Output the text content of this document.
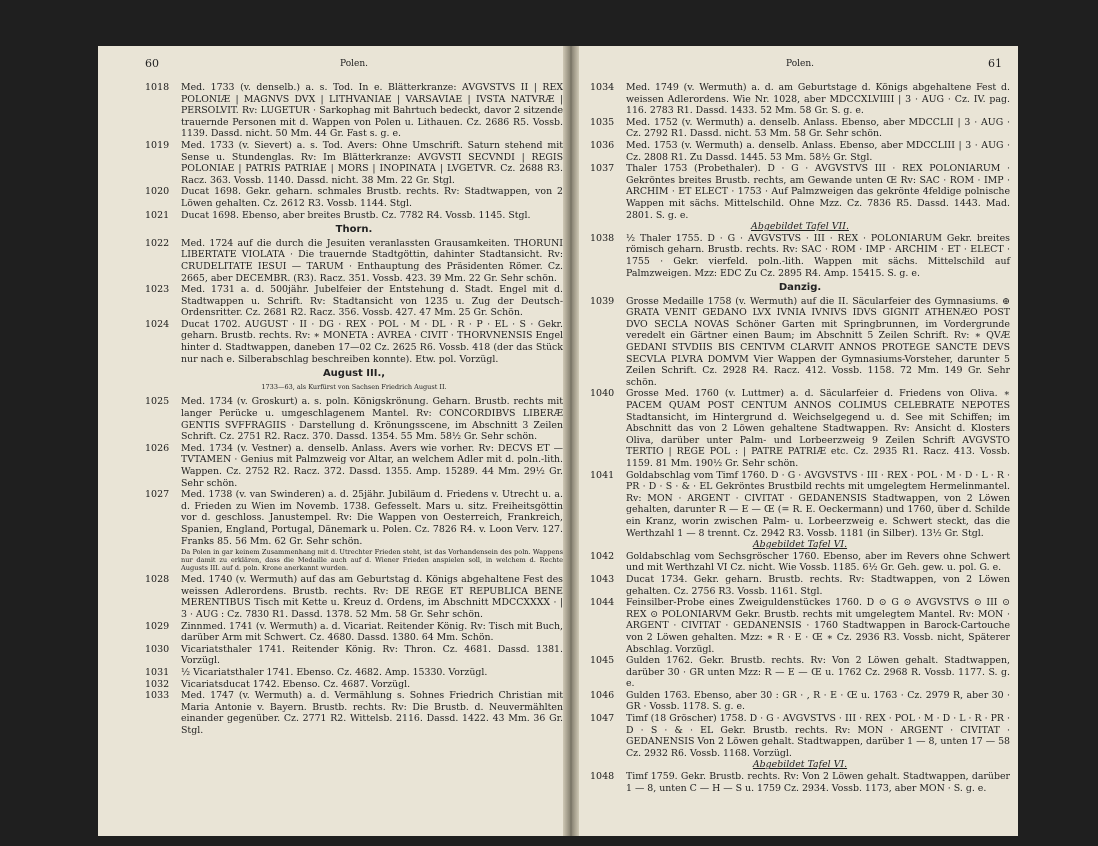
60	Polen.
1018	Med. 1733 (v. denselb.) a. s. Tod. In e. Blätterkranze: AVGVSTVS II | REX POLONIÆ | MAGNVS DVX | LITHVANIAE | VARSAVIAE | IVSTA NATVRÆ | PERSOLVIT. Rv: LUGETUR · Sarkophag mit Bahrtuch bedeckt, davor 2 sitzende trauernde Personen mit d. Wappen von Polen u. Lithauen. Cz. 2686 R5. Vossb. 1139. Dassd. nicht. 50 Mm. 44 Gr. Fast s. g. e.
1019	Med. 1733 (v. Sievert) a. s. Tod. Avers: Ohne Umschrift. Saturn stehend mit Sense u. Stundenglas. Rv: Im Blätterkranze: AVGVSTI SECVNDI | REGIS POLONIAE | PATRIS PATRIAE | MORS | INOPINATA | LVGETVR. Cz. 2688 R3. Racz. 363. Vossb. 1140. Dassd. nicht. 38 Mm. 22 Gr. Stgl.
1020	Ducat 1698. Gekr. geharn. schmales Brustb. rechts. Rv: Stadtwappen, von 2 Löwen gehalten. Cz. 2612 R3. Vossb. 1144. Stgl.
1021	Ducat 1698. Ebenso, aber breites Brustb. Cz. 7782 R4. Vossb. 1145. Stgl.
Thorn.
1022	Med. 1724 auf die durch die Jesuiten veranlassten Grausamkeiten. THORUNI LIBERTATE VIOLATA · Die trauernde Stadtgöttin, dahinter Stadtansicht. Rv: CRUDELITATE IESUI — TARUM · Enthauptung des Präsidenten Römer. Cz. 2665, aber DECEMBR. (R3). Racz. 351. Vossb. 423. 39 Mm. 22 Gr. Sehr schön.
1023	Med. 1731 a. d. 500jähr. Jubelfeier der Entstehung d. Stadt. Engel mit d. Stadtwappen u. Schrift. Rv: Stadtansicht von 1235 u. Zug der Deutsch-Ordensritter. Cz. 2681 R2. Racz. 356. Vossb. 427. 47 Mm. 25 Gr. Schön.
1024	Ducat 1702. AUGUST · II · DG · REX · POL · M · DL · R · P · EL · S · Gekr. geharn. Brustb. rechts. Rv: ∗ MONETA : AVREA · CIVIT · THORVNENSIS Engel hinter d. Stadtwappen, daneben 17—02 Cz. 2625 R6. Vossb. 418 (der das Stück nur nach e. Silberabschlag beschreiben konnte). Etw. pol. Vorzügl.
August III.,
1733—63, als Kurfürst von Sachsen Friedrich August II.
1025	Med. 1734 (v. Groskurt) a. s. poln. Königskrönung. Geharn. Brustb. rechts mit langer Perücke u. umgeschlagenem Mantel. Rv: CONCORDIBVS LIBERÆ GENTIS SVFFRAGIIS · Darstellung d. Krönungsscene, im Abschnitt 3 Zeilen Schrift. Cz. 2751 R2. Racz. 370. Dassd. 1354. 55 Mm. 58½ Gr. Sehr schön.
1026	Med. 1734 (v. Vestner) a. denselb. Anlass. Avers wie vorher. Rv: DECVS ET — TVTAMEN · Genius mit Palmzweig vor Altar, an welchem Adler mit d. poln.-lith. Wappen. Cz. 2752 R2. Racz. 372. Dassd. 1355. Amp. 15289. 44 Mm. 29½ Gr. Sehr schön.
1027	Med. 1738 (v. van Swinderen) a. d. 25jähr. Jubiläum d. Friedens v. Utrecht u. a. d. Frieden zu Wien im Novemb. 1738. Gefesselt. Mars u. sitz. Freiheitsgöttin vor d. geschloss. Janustempel. Rv: Die Wappen von Oesterreich, Frankreich, Spanien, England, Portugal, Dänemark u. Polen. Cz. 7826 R4. v. Loon Verv. 127. Franks 85. 56 Mm. 62 Gr. Sehr schön.
Da Polen in gar keinem Zusammenhang mit d. Utrechter Frieden steht, ist das Vorhandensein des poln. Wappens nur damit zu erklären, dass die Medaille auch auf d. Wiener Frieden anspielen soll, in welchem d. Rechte Augusts III. auf d. poln. Krone anerkannt wurden.
1028	Med. 1740 (v. Wermuth) auf das am Geburtstag d. Königs abgehaltene Fest des weissen Adlerordens. Brustb. rechts. Rv: DE REGE ET REPUBLICA BENE MERENTIBUS Tisch mit Kette u. Kreuz d. Ordens, im Abschnitt MDCCXXXX · | 3 · AUG : Cz. 7830 R1. Dassd. 1378. 52 Mm. 58 Gr. Sehr schön.
1029	Zinnmed. 1741 (v. Wermuth) a. d. Vicariat. Reitender König. Rv: Tisch mit Buch, darüber Arm mit Schwert. Cz. 4680. Dassd. 1380. 64 Mm. Schön.
1030	Vicariatsthaler 1741. Reitender König. Rv: Thron. Cz. 4681. Dassd. 1381. Vorzügl.
1031	½ Vicariatsthaler 1741. Ebenso. Cz. 4682. Amp. 15330. Vorzügl.
1032	Vicariatsducat 1742. Ebenso. Cz. 4687. Vorzügl.
1033	Med. 1747 (v. Wermuth) a. d. Vermählung s. Sohnes Friedrich Christian mit Maria Antonie v. Bayern. Brustb. rechts. Rv: Die Brustb. d. Neuvermählten einander gegenüber. Cz. 2771 R2. Wittelsb. 2116. Dassd. 1422. 43 Mm. 36 Gr. Stgl.
Polen.	61
1034	Med. 1749 (v. Wermuth) a. d. am Geburtstage d. Königs abgehaltene Fest d. weissen Adlerordens. Wie Nr. 1028, aber MDCCXLVIIII | 3 · AUG · Cz. IV. pag. 116. 2783 R1. Dassd. 1433. 52 Mm. 58 Gr. S. g. e.
1035	Med. 1752 (v. Wermuth) a. denselb. Anlass. Ebenso, aber MDCCLII | 3 · AUG · Cz. 2792 R1. Dassd. nicht. 53 Mm. 58 Gr. Sehr schön.
1036	Med. 1753 (v. Wermuth) a. denselb. Anlass. Ebenso, aber MDCCLIII | 3 · AUG · Cz. 2808 R1. Zu Dassd. 1445. 53 Mm. 58½ Gr. Stgl.
1037	Thaler 1753 (Probethaler). D · G · AVGVSTVS III · REX POLONIARUM · Gekröntes breites Brustb. rechts, am Gewande unten Œ Rv: SAC · ROM · IMP · ARCHIM · ET ELECT · 1753 · Auf Palmzweigen das gekrönte 4feldige polnische Wappen mit sächs. Mittelschild. Ohne Mzz. Cz. 7836 R5. Dassd. 1443. Mad. 2801. S. g. e.
Abgebildet Tafel VII.
1038	½ Thaler 1755. D · G · AVGVSTVS · III · REX · POLONIARUM Gekr. breites römisch geharn. Brustb. rechts. Rv: SAC · ROM · IMP · ARCHIM · ET · ELECT · 1755 · Gekr. vierfeld. poln.-lith. Wappen mit sächs. Mittelschild auf Palmzweigen. Mzz: EDC Zu Cz. 2895 R4. Amp. 15415. S. g. e.
Danzig.
1039	Grosse Medaille 1758 (v. Wermuth) auf die II. Säcularfeier des Gymnasiums. ⊕ GRATA VENIT GEDANO LVX IVNIA IVNIVS IDVS GIGNIT ATHENÆO POST DVO SECLA NOVAS Schöner Garten mit Springbrunnen, im Vordergrunde veredelt ein Gärtner einen Baum; im Abschnitt 5 Zeilen Schrift. Rv: ∗ QVÆ GEDANI STVDIIS BIS CENTVM CLARVIT ANNOS PROTEGE SANCTE DEVS SECVLA PLVRA DOMVM Vier Wappen der Gymnasiums-Vorsteher, darunter 5 Zeilen Schrift. Cz. 2928 R4. Racz. 412. Vossb. 1158. 72 Mm. 149 Gr. Sehr schön.
1040	Grosse Med. 1760 (v. Luttmer) a. d. Säcularfeier d. Friedens von Oliva. ∗ PACEM QUAM POST CENTUM ANNOS COLIMUS CELEBRATE NEPOTES Stadtansicht, im Hintergrund d. Weichselgegend u. d. See mit Schiffen; im Abschnitt das von 2 Löwen gehaltene Stadtwappen. Rv: Ansicht d. Klosters Oliva, darüber unter Palm- und Lorbeerzweig 9 Zeilen Schrift AVGVSTO TERTIO | REGE POL : | PATRE PATRIÆ etc. Cz. 2935 R1. Racz. 413. Vossb. 1159. 81 Mm. 190½ Gr. Sehr schön.
1041	Goldabschlag vom Timf 1760. D · G · AVGVSTVS · III · REX · POL · M · D · L · R · PR · D · S · & · EL Gekröntes Brustbild rechts mit umgelegtem Hermelinmantel. Rv: MON · ARGENT · CIVITAT · GEDANENSIS Stadtwappen, von 2 Löwen gehalten, darunter R — E — Œ (= R. E. Oeckermann) und 1760, über d. Schilde ein Kranz, worin zwischen Palm- u. Lorbeerzweig e. Schwert steckt, das die Werthzahl 1 — 8 trennt. Cz. 2942 R3. Vossb. 1181 (in Silber). 13½ Gr. Stgl.
Abgebildet Tafel VI.
1042	Goldabschlag vom Sechsgröscher 1760. Ebenso, aber im Revers ohne Schwert und mit Werthzahl VI Cz. nicht. Wie Vossb. 1185. 6½ Gr. Geh. gew. u. pol. G. e.
1043	Ducat 1734. Gekr. geharn. Brustb. rechts. Rv: Stadtwappen, von 2 Löwen gehalten. Cz. 2756 R3. Vossb. 1161. Stgl.
1044	Feinsilber-Probe eines Zweiguldenstückes 1760. D ⊙ G ⊙ AVGVSTVS ⊙ III ⊙ REX ⊙ POLONIARVM Gekr. Brustb. rechts mit umgelegtem Mantel. Rv: MON · ARGENT · CIVITAT · GEDANENSIS · 1760 Stadtwappen in Barock-Cartouche von 2 Löwen gehalten. Mzz: ∗ R · E · Œ ∗ Cz. 2936 R3. Vossb. nicht, Späterer Abschlag. Vorzügl.
1045	Gulden 1762. Gekr. Brustb. rechts. Rv: Von 2 Löwen gehalt. Stadtwappen, darüber 30 · GR unten Mzz: R — E — Œ u. 1762 Cz. 2968 R. Vossb. 1177. S. g. e.
1046	Gulden 1763. Ebenso, aber 30 : GR · , R · E · Œ u. 1763 · Cz. 2979 R, aber 30 · GR · Vossb. 1178. S. g. e.
1047	Timf (18 Gröscher) 1758. D · G · AVGVSTVS · III · REX · POL · M · D · L · R · PR · D · S · & · EL Gekr. Brustb. rechts. Rv: MON · ARGENT · CIVITAT · GEDANENSIS Von 2 Löwen gehalt. Stadtwappen, darüber 1 — 8, unten 17 — 58 Cz. 2932 R6. Vossb. 1168. Vorzügl.
Abgebildet Tafel VI.
1048	Timf 1759. Gekr. Brustb. rechts. Rv: Von 2 Löwen gehalt. Stadtwappen, darüber 1 — 8, unten C — H — S u. 1759 Cz. 2934. Vossb. 1173, aber MON · S. g. e.
